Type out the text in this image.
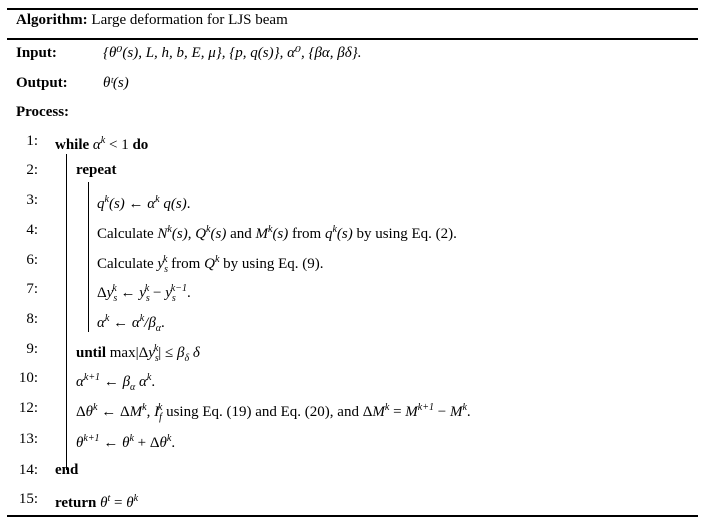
Algorithm: Large deformation for LJS beam
Input:	{θ⁰(s), L, h, b, E, μ}, {p, q(s)}, α⁰, {βα, βδ}.
Output: θᵗ(s)
Process:
1: while $\alpha^k < 1$ do
2:	repeat
3:	$q^k(s)$ ← $\alpha^k$ q(s).
4:	Calculate $N^k(s)$, $Q^k(s)$ and $M^k(s)$ from $q^k(s)$ by using Eq. (2).
6:	Calculate $y_s^k$ from $Q^k$ by using Eq. (9).
7:	$\Delta y_s^k$ ← $y_s^k - y_s^{k-1}$.
8:	$\alpha^k$ ← $\alpha^k/\beta_\alpha$.
9:	until $\max|\Delta y_s^k| \le \beta_\delta$ δ
10:	$\alpha^{k+1}$ ← $\beta_\alpha$ $\alpha^k$.
12:	$\Delta\theta^k$ ← $\Delta M^k$, $I_f^k$ using Eq. (19) and Eq. (20), and $\Delta M^k = M^{k+1} - M^k$.
13:	$\theta^{k+1}$ ← $\theta^k + \Delta\theta^k$.
14: end
15: return $\theta^t = \theta^k$
